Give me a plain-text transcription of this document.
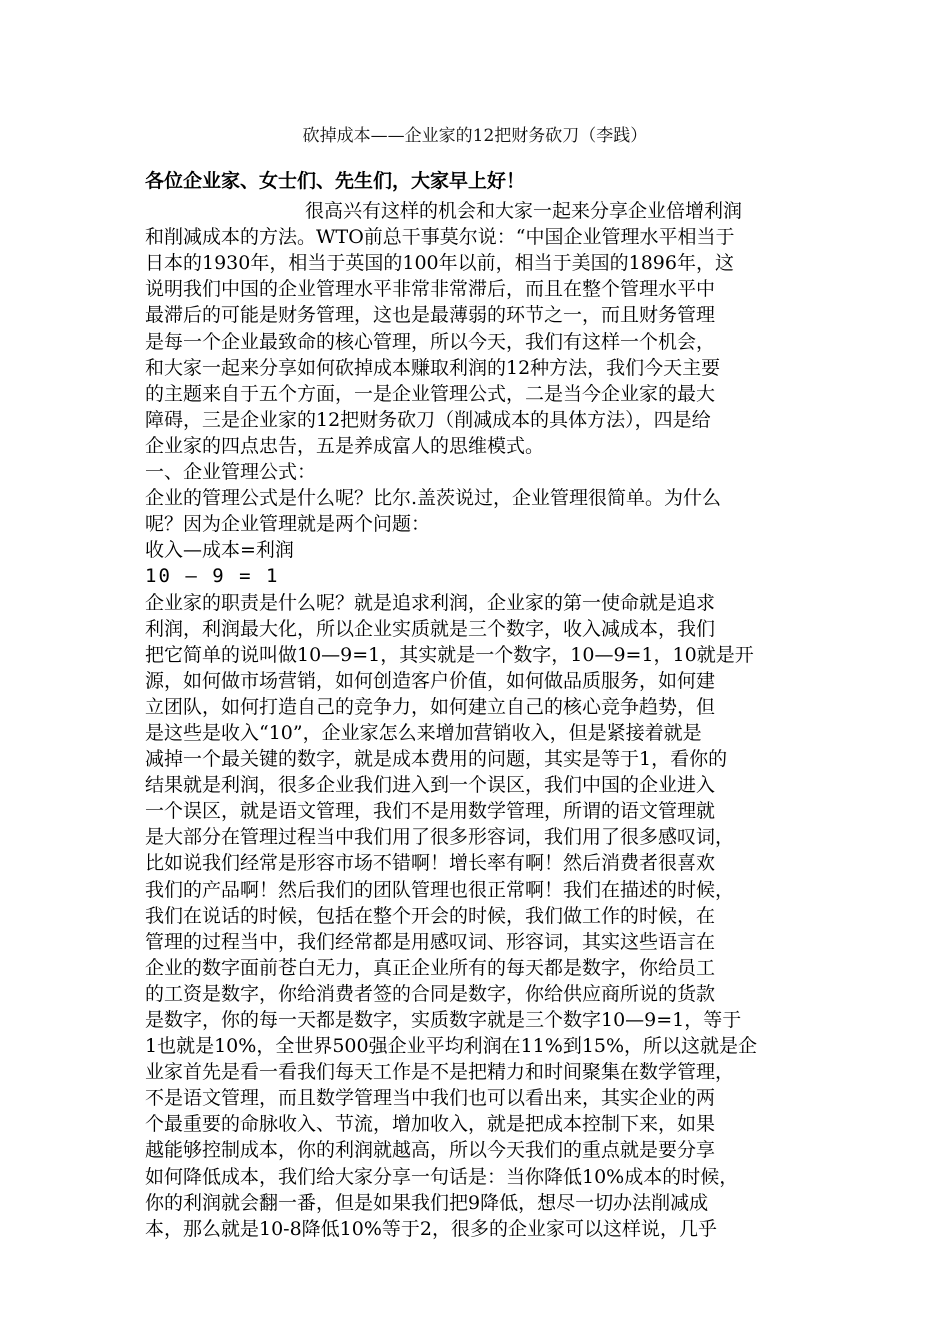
砍掉成本——企业家的12把财务砍刀（李践）
各位企业家、女士们、先生们，大家早上好！
很高兴有这样的机会和大家一起来分享企业倍增利润
和削减成本的方法。WTO前总干事莫尔说：“中国企业管理水平相当于
日本的1930年，相当于英国的100年以前，相当于美国的1896年，这
说明我们中国的企业管理水平非常非常滞后，而且在整个管理水平中
最滞后的可能是财务管理，这也是最薄弱的环节之一，而且财务管理
是每一个企业最致命的核心管理，所以今天，我们有这样一个机会，
和大家一起来分享如何砍掉成本赚取利润的12种方法，我们今天主要
的主题来自于五个方面，一是企业管理公式，二是当今企业家的最大
障碍，三是企业家的12把财务砍刀（削减成本的具体方法），四是给
企业家的四点忠告，五是养成富人的思维模式。
一、企业管理公式：
企业的管理公式是什么呢？比尔.盖茨说过，企业管理很简单。为什么
呢？因为企业管理就是两个问题：
收入—成本=利润
10 — 9 = 1
企业家的职责是什么呢？就是追求利润，企业家的第一使命就是追求
利润，利润最大化，所以企业实质就是三个数字，收入减成本，我们
把它简单的说叫做10—9=1，其实就是一个数字，10—9=1，10就是开
源，如何做市场营销，如何创造客户价值，如何做品质服务，如何建
立团队，如何打造自己的竞争力，如何建立自己的核心竞争趋势，但
是这些是收入“10”，企业家怎么来增加营销收入，但是紧接着就是
减掉一个最关键的数字，就是成本费用的问题，其实是等于1，看你的
结果就是利润，很多企业我们进入到一个误区，我们中国的企业进入
一个误区，就是语文管理，我们不是用数学管理，所谓的语文管理就
是大部分在管理过程当中我们用了很多形容词，我们用了很多感叹词，
比如说我们经常是形容市场不错啊！增长率有啊！然后消费者很喜欢
我们的产品啊！然后我们的团队管理也很正常啊！我们在描述的时候，
我们在说话的时候，包括在整个开会的时候，我们做工作的时候，在
管理的过程当中，我们经常都是用感叹词、形容词，其实这些语言在
企业的数字面前苍白无力，真正企业所有的每天都是数字，你给员工
的工资是数字，你给消费者签的合同是数字，你给供应商所说的货款
是数字，你的每一天都是数字，实质数字就是三个数字10—9=1，等于
1也就是10%，全世界500强企业平均利润在11%到15%，所以这就是企
业家首先是看一看我们每天工作是不是把精力和时间聚集在数学管理，
不是语文管理，而且数学管理当中我们也可以看出来，其实企业的两
个最重要的命脉收入、节流，增加收入，就是把成本控制下来，如果
越能够控制成本，你的利润就越高，所以今天我们的重点就是要分享
如何降低成本，我们给大家分享一句话是：当你降低10%成本的时候，
你的利润就会翻一番，但是如果我们把9降低，想尽一切办法削减成
本，那么就是10-8降低10%等于2，很多的企业家可以这样说，几乎
